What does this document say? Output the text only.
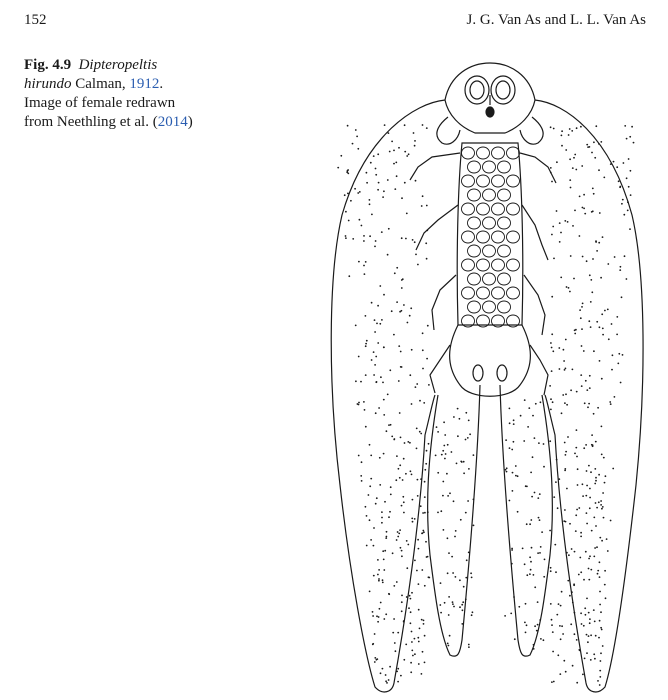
152	J. G. Van As and L. L. Van As
Fig. 4.9 Dipteropeltis
hirundo Calman, 1912.
Image of female redrawn
from Neethling et al. (2014)
